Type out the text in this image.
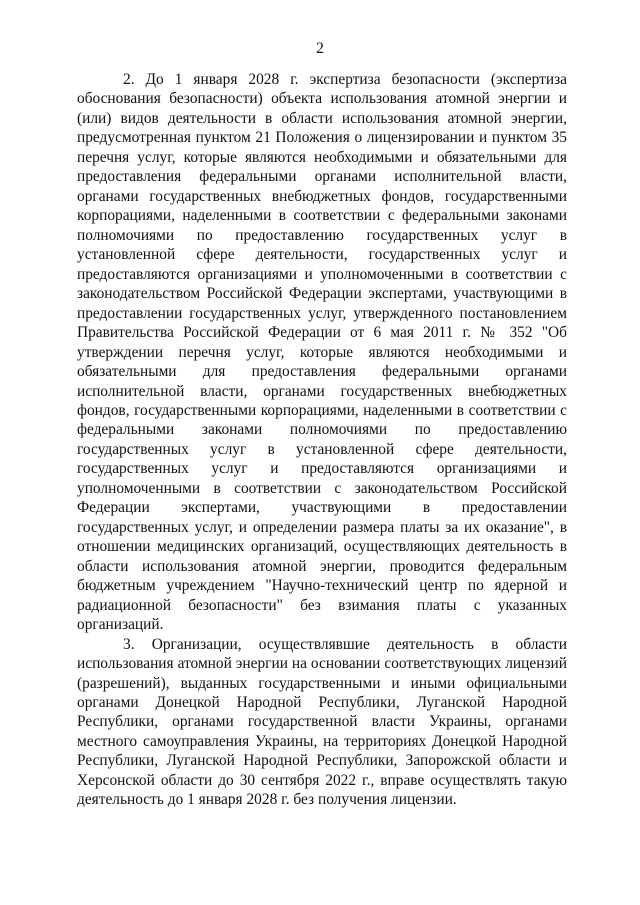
2

2. До 1 января 2028 г. экспертиза безопасности (экспертиза обоснования безопасности) объекта использования атомной энергии и (или) видов деятельности в области использования атомной энергии, предусмотренная пунктом 21 Положения о лицензировании и пунктом 35 перечня услуг, которые являются необходимыми и обязательными для предоставления федеральными органами исполнительной власти, органами государственных внебюджетных фондов, государственными корпорациями, наделенными в соответствии с федеральными законами полномочиями по предоставлению государственных услуг в установленной сфере деятельности, государственных услуг и предоставляются организациями и уполномоченными в соответствии с законодательством Российской Федерации экспертами, участвующими в предоставлении государственных услуг, утвержденного постановлением Правительства Российской Федерации от 6 мая 2011 г. № 352 "Об утверждении перечня услуг, которые являются необходимыми и обязательными для предоставления федеральными органами исполнительной власти, органами государственных внебюджетных фондов, государственными корпорациями, наделенными в соответствии с федеральными законами полномочиями по предоставлению государственных услуг в установленной сфере деятельности, государственных услуг и предоставляются организациями и уполномоченными в соответствии с законодательством Российской Федерации экспертами, участвующими в предоставлении государственных услуг, и определении размера платы за их оказание", в отношении медицинских организаций, осуществляющих деятельность в области использования атомной энергии, проводится федеральным бюджетным учреждением "Научно-технический центр по ядерной и радиационной безопасности" без взимания платы с указанных организаций.

3. Организации, осуществлявшие деятельность в области использования атомной энергии на основании соответствующих лицензий (разрешений), выданных государственными и иными официальными органами Донецкой Народной Республики, Луганской Народной Республики, органами государственной власти Украины, органами местного самоуправления Украины, на территориях Донецкой Народной Республики, Луганской Народной Республики, Запорожской области и Херсонской области до 30 сентября 2022 г., вправе осуществлять такую деятельность до 1 января 2028 г. без получения лицензии.
